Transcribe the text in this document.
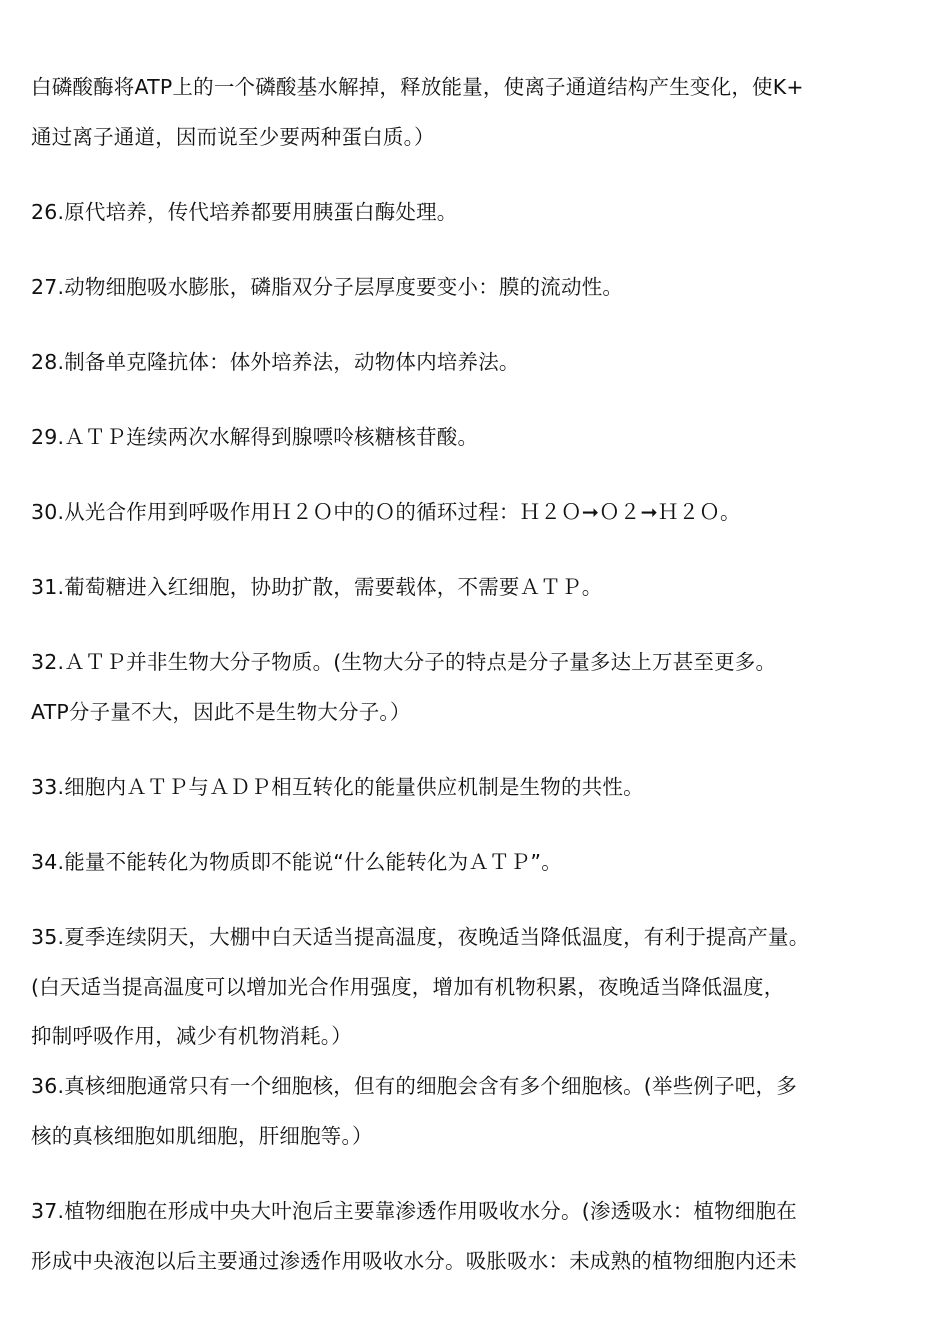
白磷酸酶将ATP上的一个磷酸基水解掉，释放能量，使离子通道结构产生变化，使K+
通过离子通道，因而说至少要两种蛋白质。）
26.原代培养，传代培养都要用胰蛋白酶处理。
27.动物细胞吸水膨胀，磷脂双分子层厚度要变小：膜的流动性。
28.制备单克隆抗体：体外培养法，动物体内培养法。
29.ＡＴＰ连续两次水解得到腺嘌呤核糖核苷酸。
30.从光合作用到呼吸作用Ｈ２Ｏ中的Ｏ的循环过程：Ｈ２Ｏ➞Ｏ２➞Ｈ２Ｏ。
31.葡萄糖进入红细胞，协助扩散，需要载体，不需要ＡＴＰ。
32.ＡＴＰ并非生物大分子物质。(生物大分子的特点是分子量多达上万甚至更多。
ATP分子量不大，因此不是生物大分子。）
33.细胞内ＡＴＰ与ＡＤＰ相互转化的能量供应机制是生物的共性。
34.能量不能转化为物质即不能说“什么能转化为ＡＴＰ”。
35.夏季连续阴天，大棚中白天适当提高温度，夜晚适当降低温度，有利于提高产量。
(白天适当提高温度可以增加光合作用强度，增加有机物积累，夜晚适当降低温度，
抑制呼吸作用，减少有机物消耗。）
36.真核细胞通常只有一个细胞核，但有的细胞会含有多个细胞核。(举些例子吧，多
核的真核细胞如肌细胞，肝细胞等。）
37.植物细胞在形成中央大叶泡后主要靠渗透作用吸收水分。(渗透吸水：植物细胞在
形成中央液泡以后主要通过渗透作用吸收水分。吸胀吸水：未成熟的植物细胞内还未
